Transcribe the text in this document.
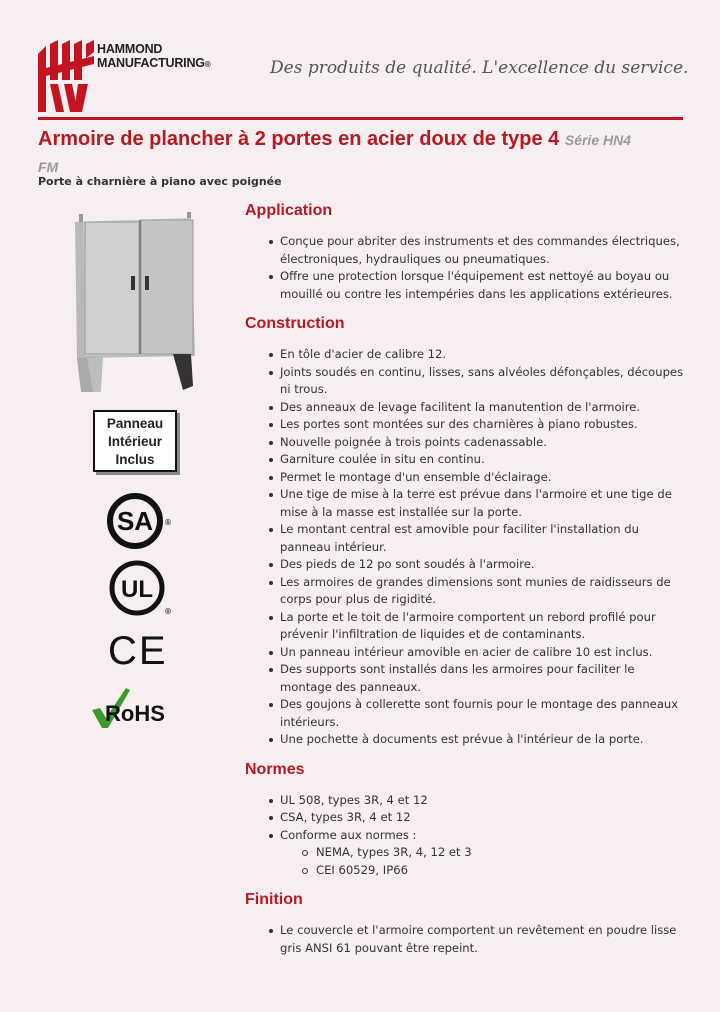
HAMMOND
MANUFACTURING®	Des produits de qualité. L'excellence du service.
Armoire de plancher à 2 portes en acier doux de type 4 Série HN4
FM
Porte à charnière à piano avec poignée
Panneau
Intérieur
Inclus
SA ®
UL
®
CE
RoHS
Application
Conçue pour abriter des instruments et des commandes électriques, électroniques, hydrauliques ou pneumatiques.
Offre une protection lorsque l'équipement est nettoyé au boyau ou mouillé ou contre les intempéries dans les applications extérieures.
Construction
En tôle d'acier de calibre 12.
Joints soudés en continu, lisses, sans alvéoles défonçables, découpes ni trous.
Des anneaux de levage facilitent la manutention de l'armoire.
Les portes sont montées sur des charnières à piano robustes.
Nouvelle poignée à trois points cadenassable.
Garniture coulée in situ en continu.
Permet le montage d'un ensemble d'éclairage.
Une tige de mise à la terre est prévue dans l'armoire et une tige de mise à la masse est installée sur la porte.
Le montant central est amovible pour faciliter l'installation du panneau intérieur.
Des pieds de 12 po sont soudés à l'armoire.
Les armoires de grandes dimensions sont munies de raidisseurs de corps pour plus de rigidité.
La porte et le toit de l'armoire comportent un rebord profilé pour prévenir l'infiltration de liquides et de contaminants.
Un panneau intérieur amovible en acier de calibre 10 est inclus.
Des supports sont installés dans les armoires pour faciliter le montage des panneaux.
Des goujons à collerette sont fournis pour le montage des panneaux intérieurs.
Une pochette à documents est prévue à l'intérieur de la porte.
Normes
UL 508, types 3R, 4 et 12
CSA, types 3R, 4 et 12
Conforme aux normes :
NEMA, types 3R, 4, 12 et 3
CEI 60529, IP66
Finition
Le couvercle et l'armoire comportent un revêtement en poudre lisse gris ANSI 61 pouvant être repeint.
